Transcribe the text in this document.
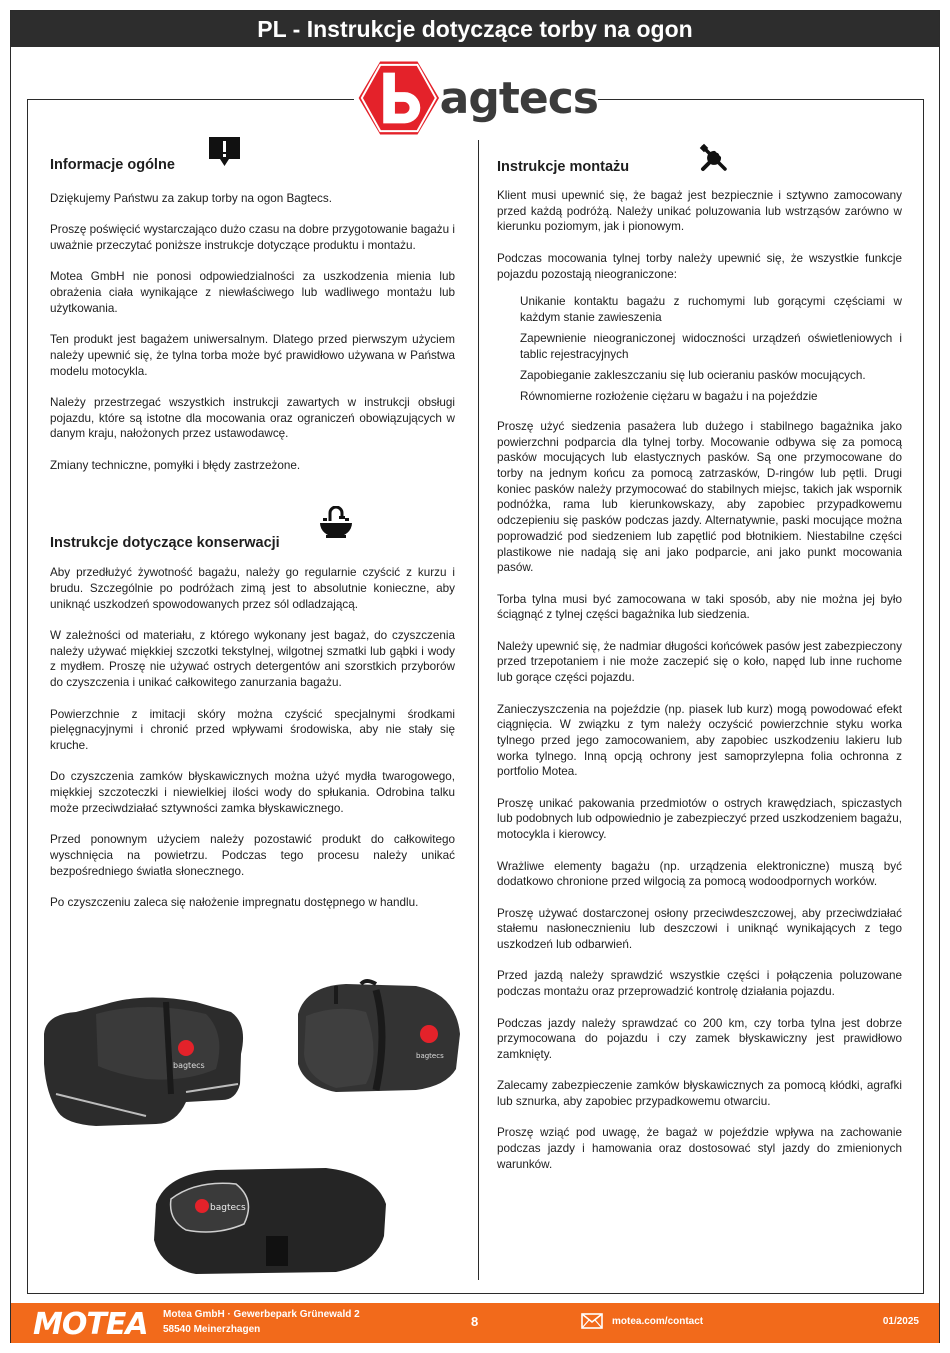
PL - Instrukcje dotyczące torby na ogon
agtecs
Informacje ogólne

Dziękujemy Państwu za zakup torby na ogon Bagtecs.

Proszę poświęcić wystarczająco dużo czasu na dobre przygotowanie bagażu i uważnie przeczytać poniższe instrukcje dotyczące produktu i montażu.

Motea GmbH nie ponosi odpowiedzialności za uszkodzenia mienia lub obrażenia ciała wynikające z niewłaściwego lub wadliwego montażu lub użytkowania.

Ten produkt jest bagażem uniwersalnym. Dlatego przed pierwszym użyciem należy upewnić się, że tylna torba może być prawidłowo używana w Państwa modelu motocykla.

Należy przestrzegać wszystkich instrukcji zawartych w instrukcji obsługi pojazdu, które są istotne dla mocowania oraz ograniczeń obowiązujących w danym kraju, nałożonych przez ustawodawcę.

Zmiany techniczne, pomyłki i błędy zastrzeżone.

Instrukcje dotyczące konserwacji

Aby przedłużyć żywotność bagażu, należy go regularnie czyścić z kurzu i brudu. Szczególnie po podróżach zimą jest to absolutnie konieczne, aby uniknąć uszkodzeń spowodowanych przez sól odladzającą.

W zależności od materiału, z którego wykonany jest bagaż, do czyszczenia należy używać miękkiej szczotki tekstylnej, wilgotnej szmatki lub gąbki i wody z mydłem. Proszę nie używać ostrych detergentów ani szorstkich przyborów do czyszczenia i unikać całkowitego zanurzania bagażu.

Powierzchnie z imitacji skóry można czyścić specjalnymi środkami pielęgnacyjnymi i chronić przed wpływami środowiska, aby nie stały się kruche.

Do czyszczenia zamków błyskawicznych można użyć mydła twarogowego, miękkiej szczoteczki i niewielkiej ilości wody do spłukania. Odrobina talku może przeciwdziałać sztywności zamka błyskawicznego.

Przed ponownym użyciem należy pozostawić produkt do całkowitego wyschnięcia na powietrzu. Podczas tego procesu należy unikać bezpośredniego światła słonecznego.

Po czyszczeniu zaleca się nałożenie impregnatu dostępnego w handlu.

Instrukcje montażu

Klient musi upewnić się, że bagaż jest bezpiecznie i sztywno zamocowany przed każdą podróżą. Należy unikać poluzowania lub wstrząsów zarówno w kierunku poziomym, jak i pionowym.

Podczas mocowania tylnej torby należy upewnić się, że wszystkie funkcje pojazdu pozostają nieograniczone:

Unikanie kontaktu bagażu z ruchomymi lub gorącymi częściami w każdym stanie zawieszenia
Zapewnienie nieograniczonej widoczności urządzeń oświetleniowych i tablic rejestracyjnych
Zapobieganie zakleszczaniu się lub ocieraniu pasków mocujących.
Równomierne rozłożenie ciężaru w bagażu i na pojeździe

Proszę użyć siedzenia pasażera lub dużego i stabilnego bagażnika jako powierzchni podparcia dla tylnej torby. Mocowanie odbywa się za pomocą pasków mocujących lub elastycznych pasków. Są one przymocowane do torby na jednym końcu za pomocą zatrzasków, D-ringów lub pętli. Drugi koniec pasków należy przymocować do stabilnych miejsc, takich jak wspornik podnóżka, rama lub kierunkowskazy, aby zapobiec przypadkowemu odczepieniu się pasków podczas jazdy. Alternatywnie, paski mocujące można poprowadzić pod siedzeniem lub zapętlić pod błotnikiem. Niestabilne części plastikowe nie nadają się ani jako podparcie, ani jako punkt mocowania pasów.

Torba tylna musi być zamocowana w taki sposób, aby nie można jej było ściągnąć z tylnej części bagażnika lub siedzenia.

Należy upewnić się, że nadmiar długości końcówek pasów jest zabezpieczony przed trzepotaniem i nie może zaczepić się o koło, napęd lub inne ruchome lub gorące części pojazdu.

Zanieczyszczenia na pojeździe (np. piasek lub kurz) mogą powodować efekt ciągnięcia. W związku z tym należy oczyścić powierzchnie styku worka tylnego przed jego zamocowaniem, aby zapobiec uszkodzeniu lakieru lub worka tylnego. Inną opcją ochrony jest samoprzylepna folia ochronna z portfolio Motea.

Proszę unikać pakowania przedmiotów o ostrych krawędziach, spiczastych lub podobnych lub odpowiednio je zabezpieczyć przed uszkodzeniem bagażu, motocykla i kierowcy.

Wrażliwe elementy bagażu (np. urządzenia elektroniczne) muszą być dodatkowo chronione przed wilgocią za pomocą wodoodpornych worków.

Proszę używać dostarczonej osłony przeciwdeszczowej, aby przeciwdziałać stałemu nasłonecznieniu lub deszczowi i uniknąć wynikających z tego uszkodzeń lub odbarwień.

Przed jazdą należy sprawdzić wszystkie części i połączenia poluzowane podczas montażu oraz przeprowadzić kontrolę działania pojazdu.

Podczas jazdy należy sprawdzać co 200 km, czy torba tylna jest dobrze przymocowana do pojazdu i czy zamek błyskawiczny jest prawidłowo zamknięty.

Zalecamy zabezpieczenie zamków błyskawicznych za pomocą kłódki, agrafki lub sznurka, aby zapobiec przypadkowemu otwarciu.

Proszę wziąć pod uwagę, że bagaż w pojeździe wpływa na zachowanie podczas jazdy i hamowania oraz dostosować styl jazdy do zmienionych warunków.

bagtecs
bagtecs
bagtecs
MOTEA Motea GmbH · Gewerbepark Grünewald 2
58540 Meinerzhagen
8	motea.com/contact	01/2025
